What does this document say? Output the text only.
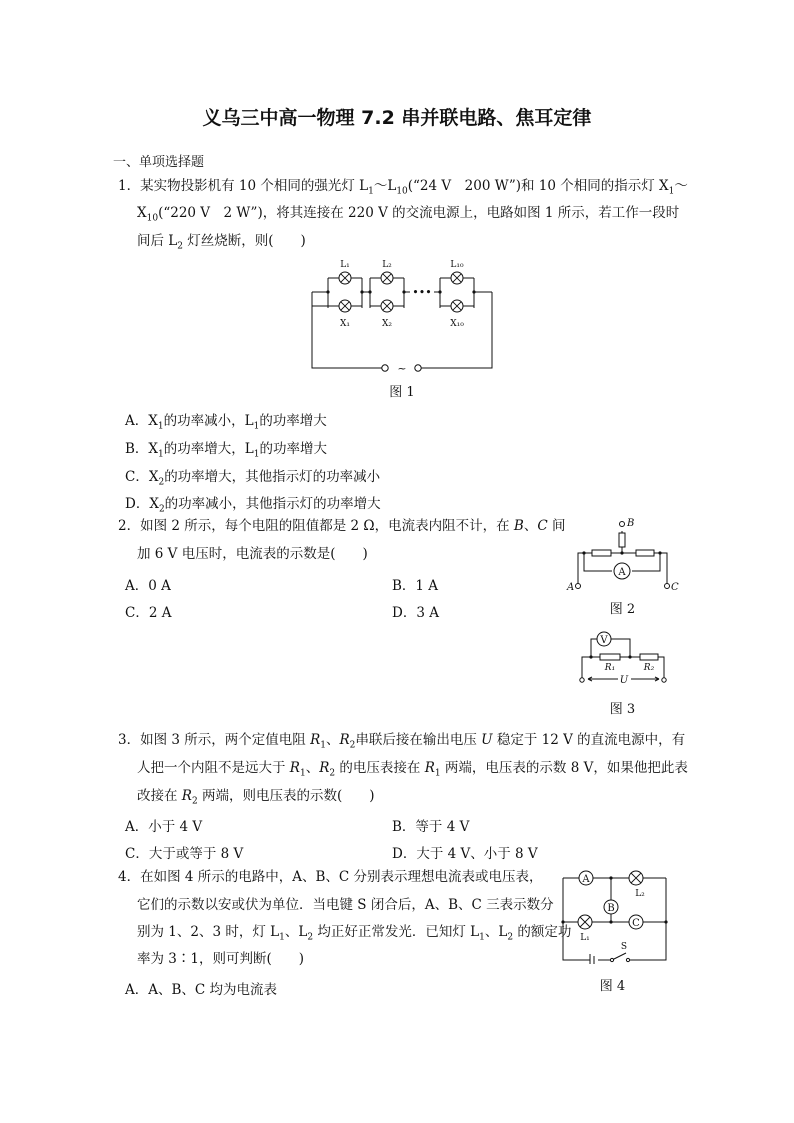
义乌三中高一物理 7.2 串并联电路、焦耳定律
一、单项选择题
1．某实物投影机有 10 个相同的强光灯 $L_1\sim L_{10}(“24$ V　200 W”)和 10 个相同的指示灯 $X_1\sim$
$X_{10}(“220$ V　2 W”)，将其连接在 220 V 的交流电源上，电路如图 1 所示，若工作一段时
间后 $L_2$ 灯丝烧断，则(　　)
•••
L₁	L₂	L₁₀
X₁	X₂	X₁₀
~
图 1
A．$X_1$的功率减小，$L_1$的功率增大
B．$X_1$的功率增大，$L_1$的功率增大
C．$X_2$的功率增大，其他指示灯的功率减小
D．$X_2$的功率减小，其他指示灯的功率增大
2．如图 2 所示，每个电阻的阻值都是 2 Ω，电流表内阻不计，在 B、C 间
加 6 V 电压时，电流表的示数是(　　)
A．0 A	B．1 A
C．2 A	D．3 A
A
B
A	C
图 2
V
R₁	R₂
U
图 3
3．如图 3 所示，两个定值电阻 $R_1$、$R_2$串联后接在输出电压 U 稳定于 12 V 的直流电源中，有
人把一个内阻不是远大于 $R_1$、$R_2$ 的电压表接在 $R_1$ 两端，电压表的示数 8 V，如果他把此表
改接在 $R_2$ 两端，则电压表的示数(　　)
A．小于 4 V	B．等于 4 V
C．大于或等于 8 V	D．大于 4 V、小于 8 V
4．在如图 4 所示的电路中，A、B、C 分别表示理想电流表或电压表，
它们的示数以安或伏为单位．当电键 S 闭合后，A、B、C 三表示数分
别为 1、2、3 时，灯 $L_1$、$L_2$ 均正好正常发光．已知灯 $L_1$、$L_2$ 的额定功
率为 3∶1，则可判断(　　)
A．A、B、C 均为电流表
A
B
C
L₂
L₁
S
图 4
